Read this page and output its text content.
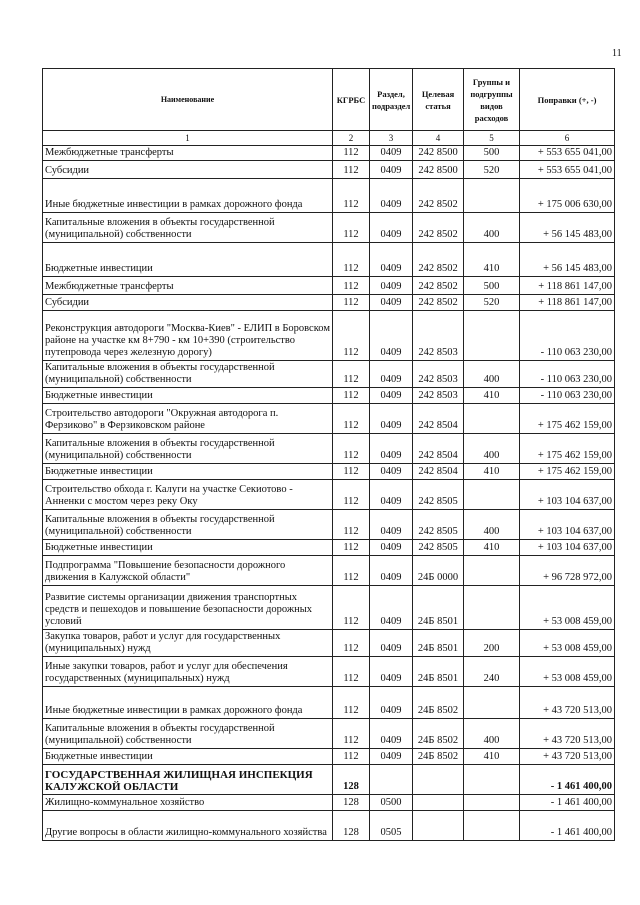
11
Наименование	КГРБС	Раздел, подраздел	Целевая статья	Группы и подгруппы видов расходов	Поправки (+, -)
1	2	3	4	5	6
Межбюджетные трансферты	112	0409	242 8500	500	+ 553 655 041,00
Субсидии	112	0409	242 8500	520	+ 553 655 041,00
Иные бюджетные инвестиции в рамках дорожного фонда	112	0409	242 8502		+ 175 006 630,00
Капитальные вложения в объекты государственной (муниципальной) собственности	112	0409	242 8502	400	+ 56 145 483,00
Бюджетные инвестиции	112	0409	242 8502	410	+ 56 145 483,00
Межбюджетные трансферты	112	0409	242 8502	500	+ 118 861 147,00
Субсидии	112	0409	242 8502	520	+ 118 861 147,00
Реконструкция автодороги "Москва-Киев" - ЕЛИП в Боровском районе на участке км 8+790 - км 10+390 (строительство путепровода через железную дорогу)	112	0409	242 8503		- 110 063 230,00
Капитальные вложения в объекты государственной (муниципальной) собственности	112	0409	242 8503	400	- 110 063 230,00
Бюджетные инвестиции	112	0409	242 8503	410	- 110 063 230,00
Строительство автодороги "Окружная автодорога п. Ферзиково" в Ферзиковском районе	112	0409	242 8504		+ 175 462 159,00
Капитальные вложения в объекты государственной (муниципальной) собственности	112	0409	242 8504	400	+ 175 462 159,00
Бюджетные инвестиции	112	0409	242 8504	410	+ 175 462 159,00
Строительство обхода г. Калуги на участке Секиотово - Анненки с мостом через реку Оку	112	0409	242 8505		+ 103 104 637,00
Капитальные вложения в объекты государственной (муниципальной) собственности	112	0409	242 8505	400	+ 103 104 637,00
Бюджетные инвестиции	112	0409	242 8505	410	+ 103 104 637,00
Подпрограмма "Повышение безопасности дорожного движения в Калужской области"	112	0409	24Б 0000		+ 96 728 972,00
Развитие системы организации движения транспортных средств и пешеходов и повышение безопасности дорожных условий	112	0409	24Б 8501		+ 53 008 459,00
Закупка товаров, работ и услуг для государственных (муниципальных) нужд	112	0409	24Б 8501	200	+ 53 008 459,00
Иные закупки товаров, работ и услуг для обеспечения государственных (муниципальных) нужд	112	0409	24Б 8501	240	+ 53 008 459,00
Иные бюджетные инвестиции в рамках дорожного фонда	112	0409	24Б 8502		+ 43 720 513,00
Капитальные вложения в объекты государственной (муниципальной) собственности	112	0409	24Б 8502	400	+ 43 720 513,00
Бюджетные инвестиции	112	0409	24Б 8502	410	+ 43 720 513,00
ГОСУДАРСТВЕННАЯ ЖИЛИЩНАЯ ИНСПЕКЦИЯ КАЛУЖСКОЙ ОБЛАСТИ	128				- 1 461 400,00
Жилищно-коммунальное хозяйство	128	0500			- 1 461 400,00
Другие вопросы в области жилищно-коммунального хозяйства	128	0505			- 1 461 400,00
